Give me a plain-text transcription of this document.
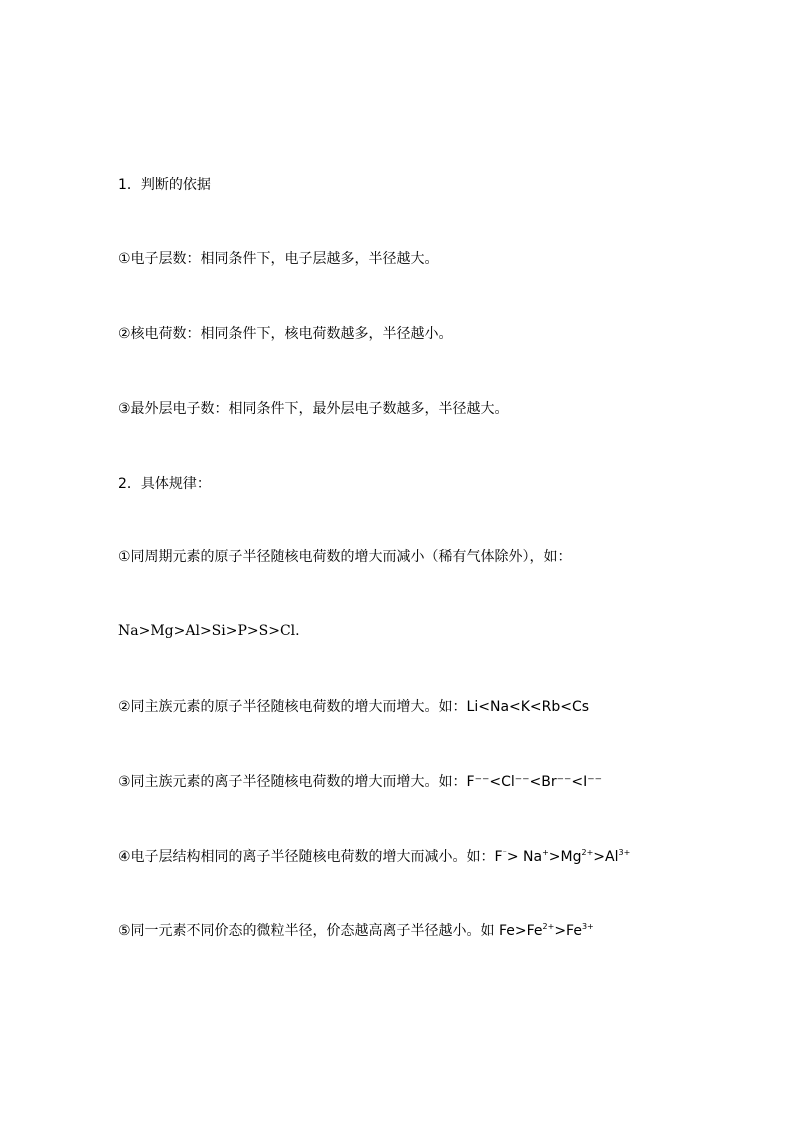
1．判断的依据
①电子层数：相同条件下，电子层越多，半径越大。
②核电荷数：相同条件下，核电荷数越多，半径越小。
③最外层电子数：相同条件下，最外层电子数越多，半径越大。
2．具体规律：
①同周期元素的原子半径随核电荷数的增大而减小（稀有气体除外），如：
Na>Mg>Al>Si>P>S>Cl.
②同主族元素的原子半径随核电荷数的增大而增大。如：Li<Na<K<Rb<Cs
③同主族元素的离子半径随核电荷数的增大而增大。如：F⁻⁻<Cl⁻⁻<Br⁻⁻<I⁻⁻
④电子层结构相同的离子半径随核电荷数的增大而减小。如：$F^{^-}> Na^+>Mg^{2+}>Al^{3+}$
⑤同一元素不同价态的微粒半径，价态越高离子半径越小。如 $Fe>Fe^{2+}>Fe^{3+}$
